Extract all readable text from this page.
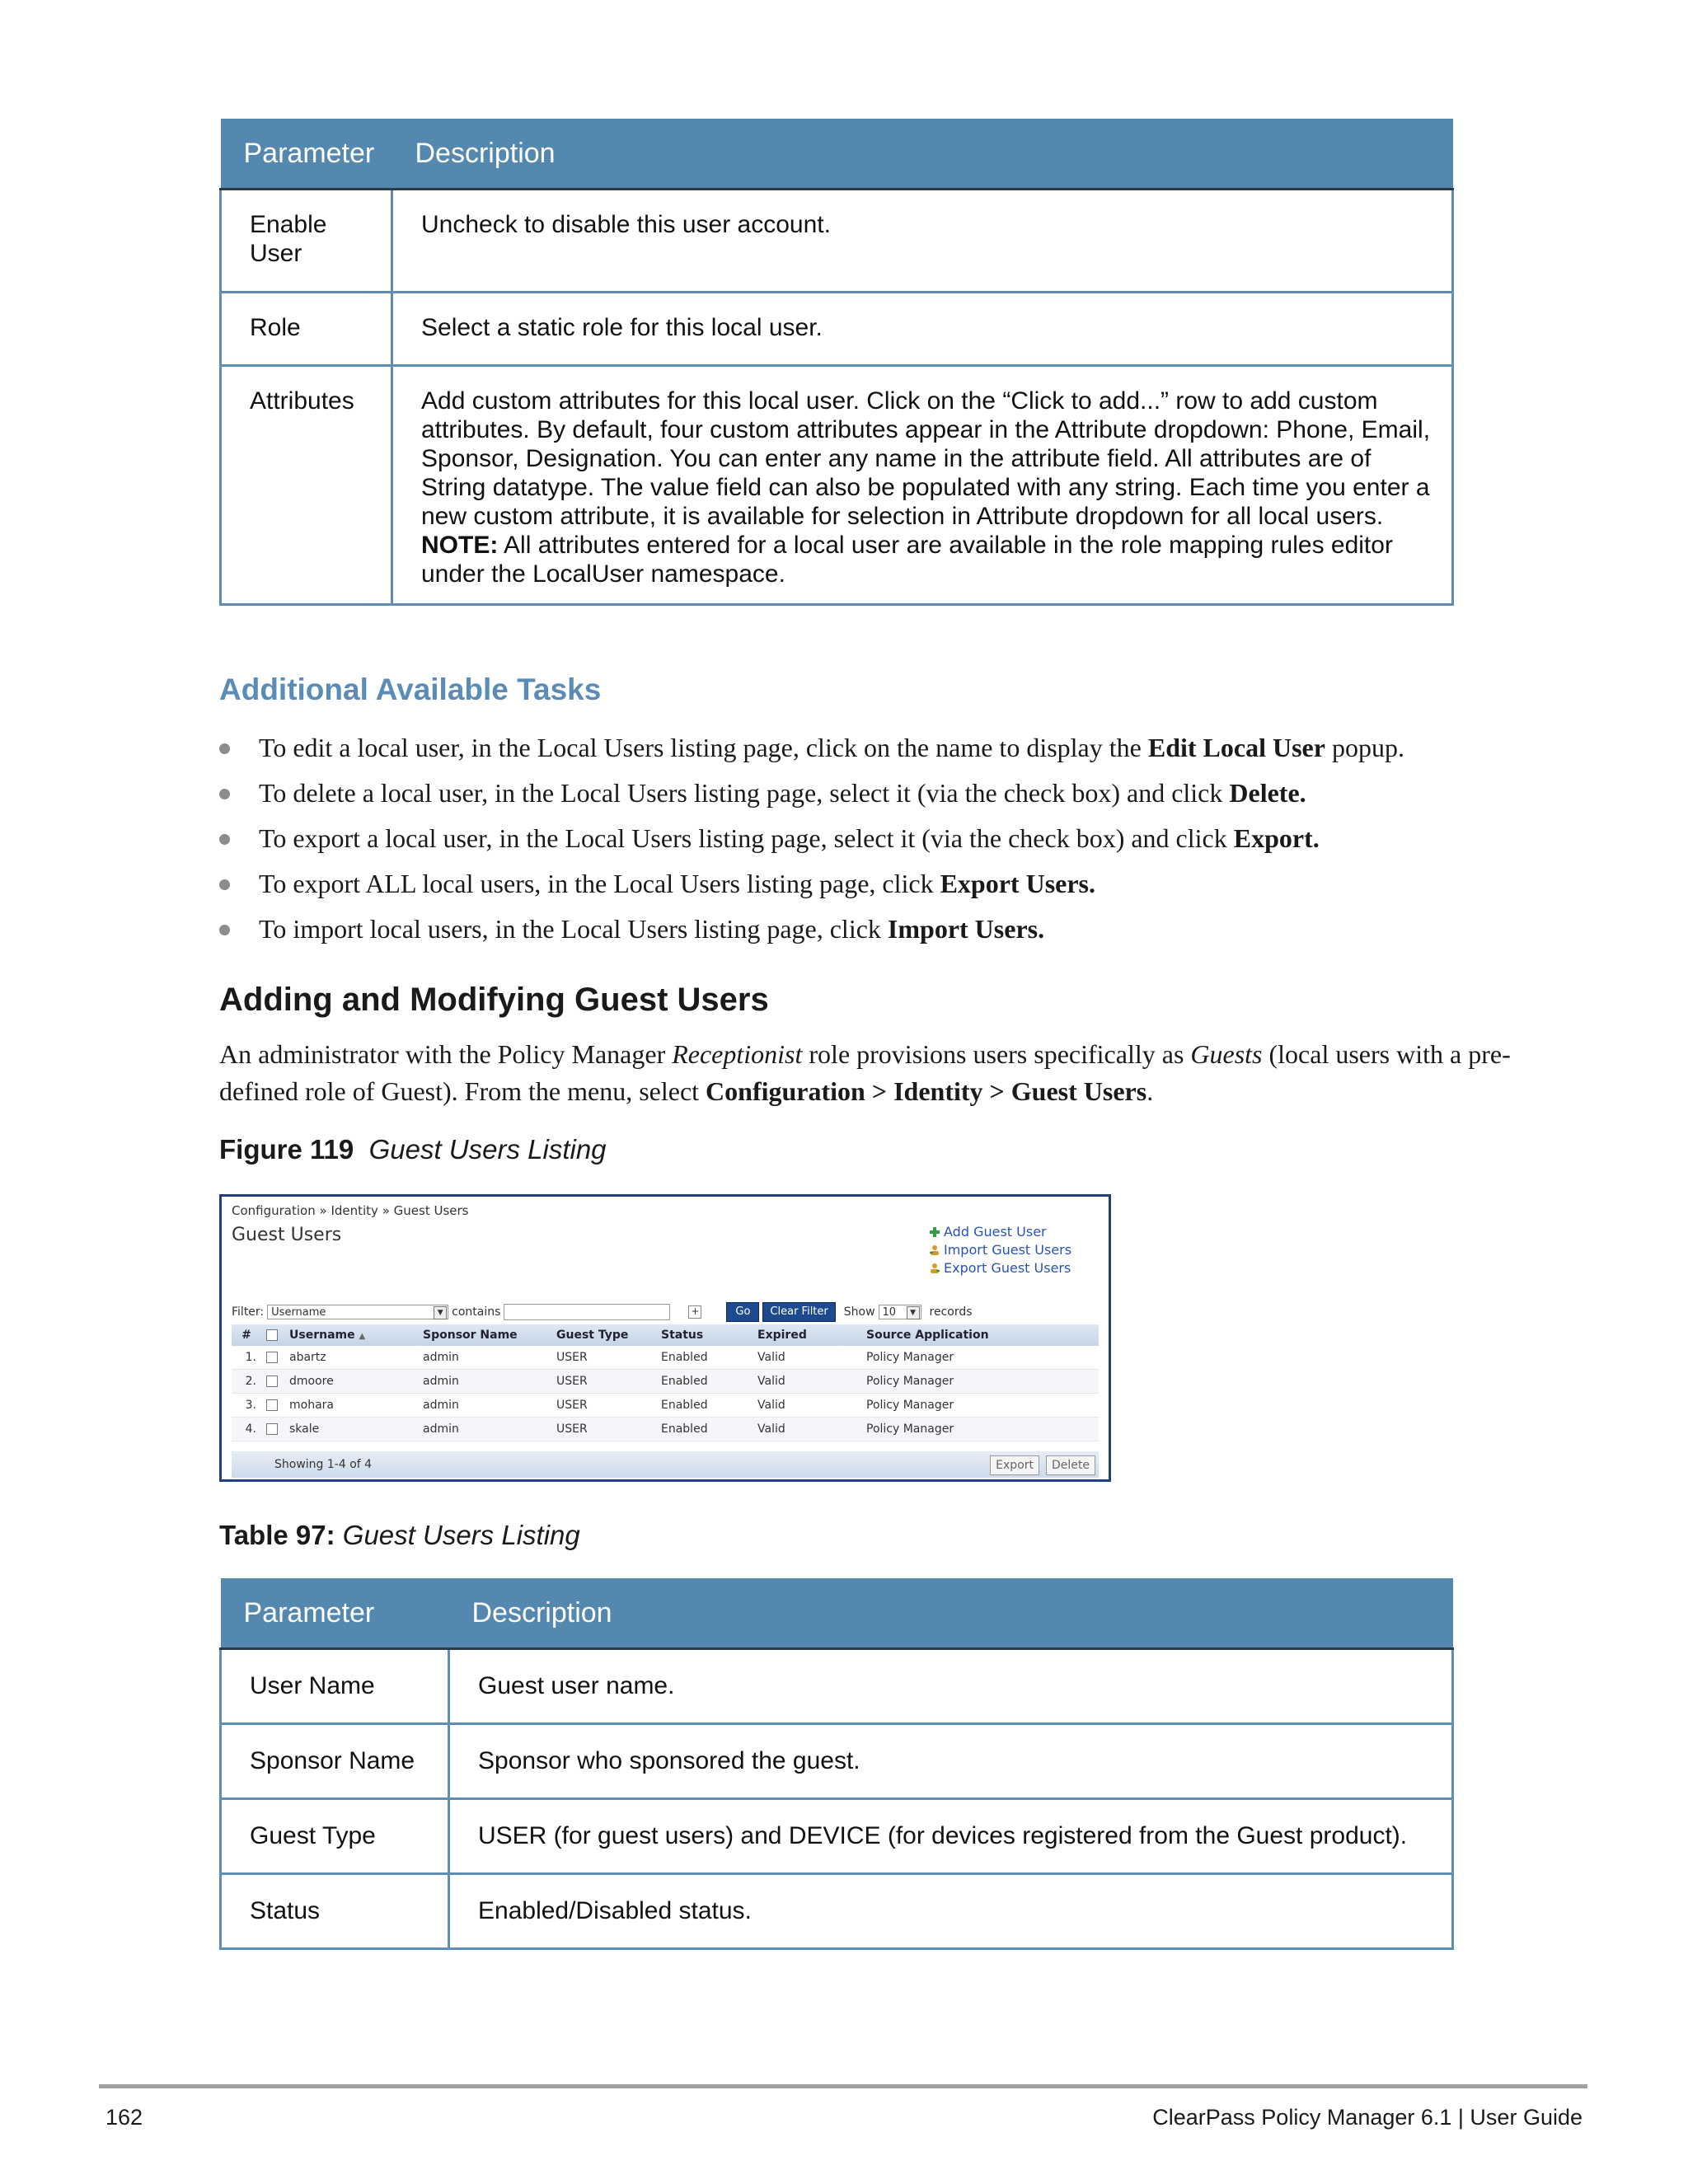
Parameter	Description
Enable User	Uncheck to disable this user account.
Role	Select a static role for this local user.
Attributes	Add custom attributes for this local user. Click on the “Click to add...” row to add custom attributes. By default, four custom attributes appear in the Attribute dropdown: Phone, Email, Sponsor, Designation. You can enter any name in the attribute field. All attributes are of String datatype. The value field can also be populated with any string. Each time you enter a new custom attribute, it is available for selection in Attribute dropdown for all local users.
NOTE: All attributes entered for a local user are available in the role mapping rules editor under the LocalUser namespace.
Additional Available Tasks
To edit a local user, in the Local Users listing page, click on the name to display the Edit Local User popup.
To delete a local user, in the Local Users listing page, select it (via the check box) and click Delete.
To export a local user, in the Local Users listing page, select it (via the check box) and click Export.
To export ALL local users, in the Local Users listing page, click Export Users.
To import local users, in the Local Users listing page, click Import Users.
Adding and Modifying Guest Users

An administrator with the Policy Manager Receptionist role provisions users specifically as Guests (local users with a pre-defined role of Guest). From the menu, select Configuration > Identity > Guest Users.

Figure 119 Guest Users Listing

Configuration » Identity » Guest Users
Guest Users	Add Guest User
Import Guest Users
Export Guest Users
Filter: Username	▼ contains	+	Go	Clear Filter	Show 10	▼	records
#		Username ▲	Sponsor Name	Guest Type	Status	Expired	Source Application
1.		abartz	admin	USER	Enabled	Valid	Policy Manager
2.		dmoore	admin	USER	Enabled	Valid	Policy Manager
3.		mohara	admin	USER	Enabled	Valid	Policy Manager
4.		skale	admin	USER	Enabled	Valid	Policy Manager
Showing 1-4 of 4	Export	Delete

Table 97: Guest Users Listing

Parameter	Description
User Name	Guest user name.
Sponsor Name	Sponsor who sponsored the guest.
Guest Type	USER (for guest users) and DEVICE (for devices registered from the Guest product).
Status	Enabled/Disabled status.
162	ClearPass Policy Manager 6.1 | User Guide
